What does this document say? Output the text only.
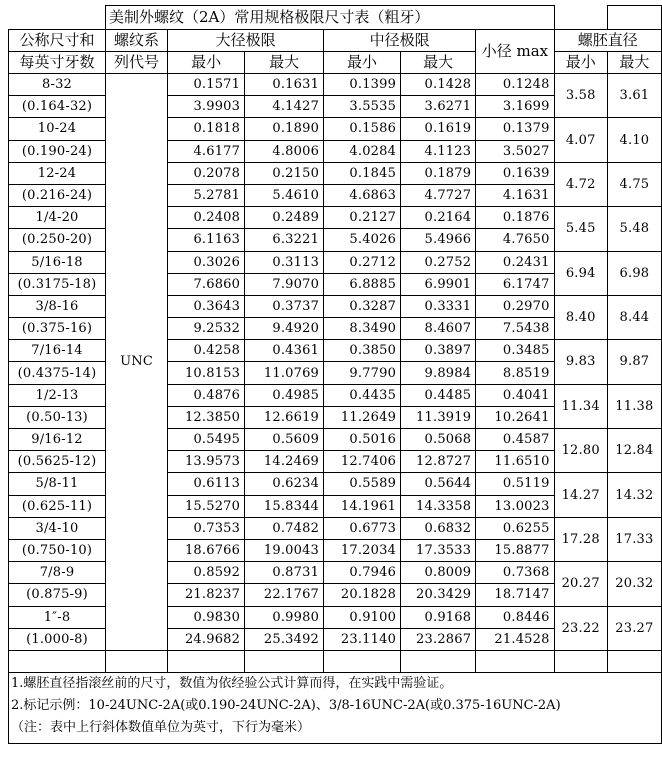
	美制外螺纹（2A）常用规格极限尺寸表（粗牙）							
公称尺寸和	螺纹系	大径极限		中径极限		小径 max	螺胚直径	
每英寸牙数	列代号	最小	最大	最小	最大		最小	最大
8-32	UNC	0.1571	0.1631	0.1399	0.1428	0.1248	3.58	3.61
(0.164-32)		3.9903	4.1427	3.5535	3.6271	3.1699		
10-24		0.1818	0.1890	0.1586	0.1619	0.1379	4.07	4.10
(0.190-24)		4.6177	4.8006	4.0284	4.1123	3.5027		
12-24		0.2078	0.2150	0.1845	0.1879	0.1639	4.72	4.75
(0.216-24)		5.2781	5.4610	4.6863	4.7727	4.1631		
1/4-20		0.2408	0.2489	0.2127	0.2164	0.1876	5.45	5.48
(0.250-20)		6.1163	6.3221	5.4026	5.4966	4.7650		
5/16-18		0.3026	0.3113	0.2712	0.2752	0.2431	6.94	6.98
(0.3175-18)		7.6860	7.9070	6.8885	6.9901	6.1747		
3/8-16		0.3643	0.3737	0.3287	0.3331	0.2970	8.40	8.44
(0.375-16)		9.2532	9.4920	8.3490	8.4607	7.5438		
7/16-14		0.4258	0.4361	0.3850	0.3897	0.3485	9.83	9.87
(0.4375-14)		10.8153	11.0769	9.7790	9.8984	8.8519		
1/2-13		0.4876	0.4985	0.4435	0.4485	0.4041	11.34	11.38
(0.50-13)		12.3850	12.6619	11.2649	11.3919	10.2641		
9/16-12		0.5495	0.5609	0.5016	0.5068	0.4587	12.80	12.84
(0.5625-12)		13.9573	14.2469	12.7406	12.8727	11.6510		
5/8-11		0.6113	0.6234	0.5589	0.5644	0.5119	14.27	14.32
(0.625-11)		15.5270	15.8344	14.1961	14.3358	13.0023		
3/4-10		0.7353	0.7482	0.6773	0.6832	0.6255	17.28	17.33
(0.750-10)		18.6766	19.0043	17.2034	17.3533	15.8877		
7/8-9		0.8592	0.8731	0.7946	0.8009	0.7368	20.27	20.32
(0.875-9)		21.8237	22.1767	20.1828	20.3429	18.7147		
1″-8		0.9830	0.9980	0.9100	0.9168	0.8446	23.22	23.27
(1.000-8)		24.9682	25.3492	23.1140	23.2867	21.4528		

1.螺胚直径指滚丝前的尺寸，数值为依经验公式计算而得，在实践中需验证。
2.标记示例：10-24UNC-2A(或0.190-24UNC-2A)、3/8-16UNC-2A(或0.375-16UNC-2A)
（注：表中上行斜体数值单位为英寸，下行为毫米）								
